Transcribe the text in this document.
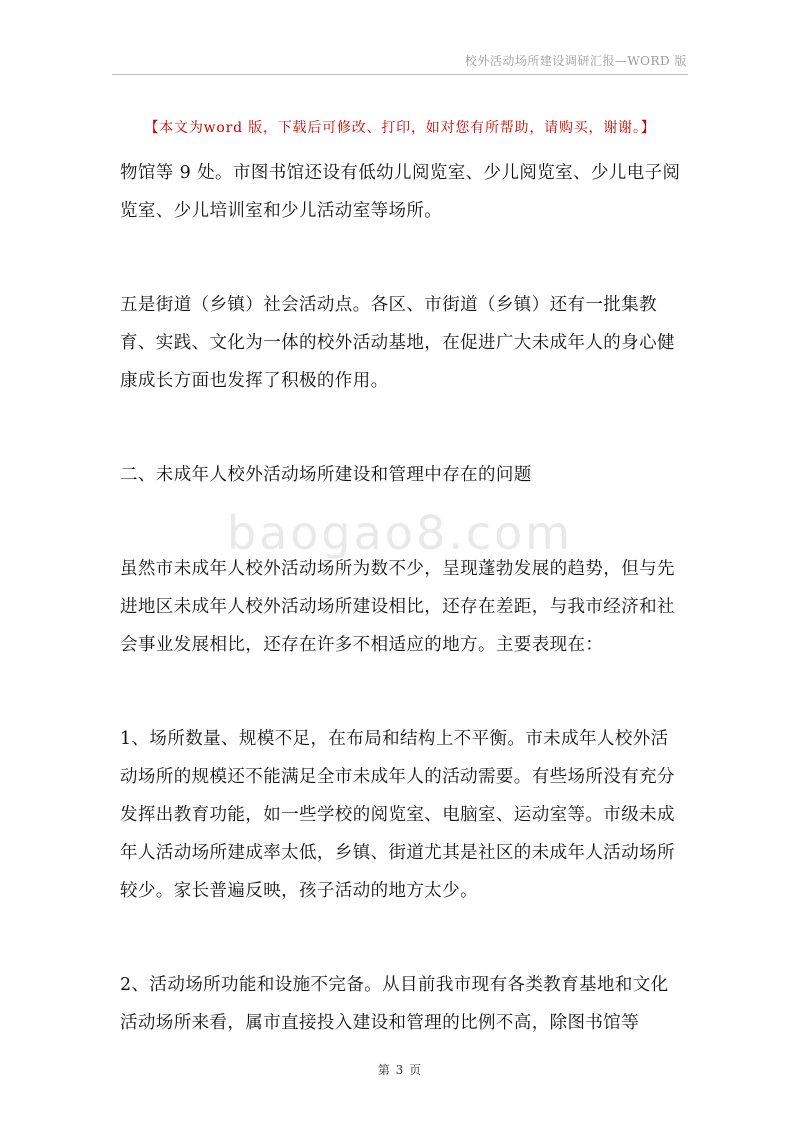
校外活动场所建设调研汇报—WORD 版
【本文为word 版，下载后可修改、打印，如对您有所帮助，请购买，谢谢。】
baogao8.com

物馆等 9 处。市图书馆还设有低幼儿阅览室、少儿阅览室、少儿电子阅览室、少儿培训室和少儿活动室等场所。

五是街道（乡镇）社会活动点。各区、市街道（乡镇）还有一批集教育、实践、文化为一体的校外活动基地，在促进广大未成年人的身心健康成长方面也发挥了积极的作用。

二、未成年人校外活动场所建设和管理中存在的问题

虽然市未成年人校外活动场所为数不少，呈现蓬勃发展的趋势，但与先进地区未成年人校外活动场所建设相比，还存在差距，与我市经济和社会事业发展相比，还存在许多不相适应的地方。主要表现在：

1、场所数量、规模不足，在布局和结构上不平衡。市未成年人校外活动场所的规模还不能满足全市未成年人的活动需要。有些场所没有充分发挥出教育功能，如一些学校的阅览室、电脑室、运动室等。市级未成年人活动场所建成率太低，乡镇、街道尤其是社区的未成年人活动场所较少。家长普遍反映，孩子活动的地方太少。

2、活动场所功能和设施不完备。从目前我市现有各类教育基地和文化活动场所来看，属市直接投入建设和管理的比例不高，除图书馆等

第 3 页
